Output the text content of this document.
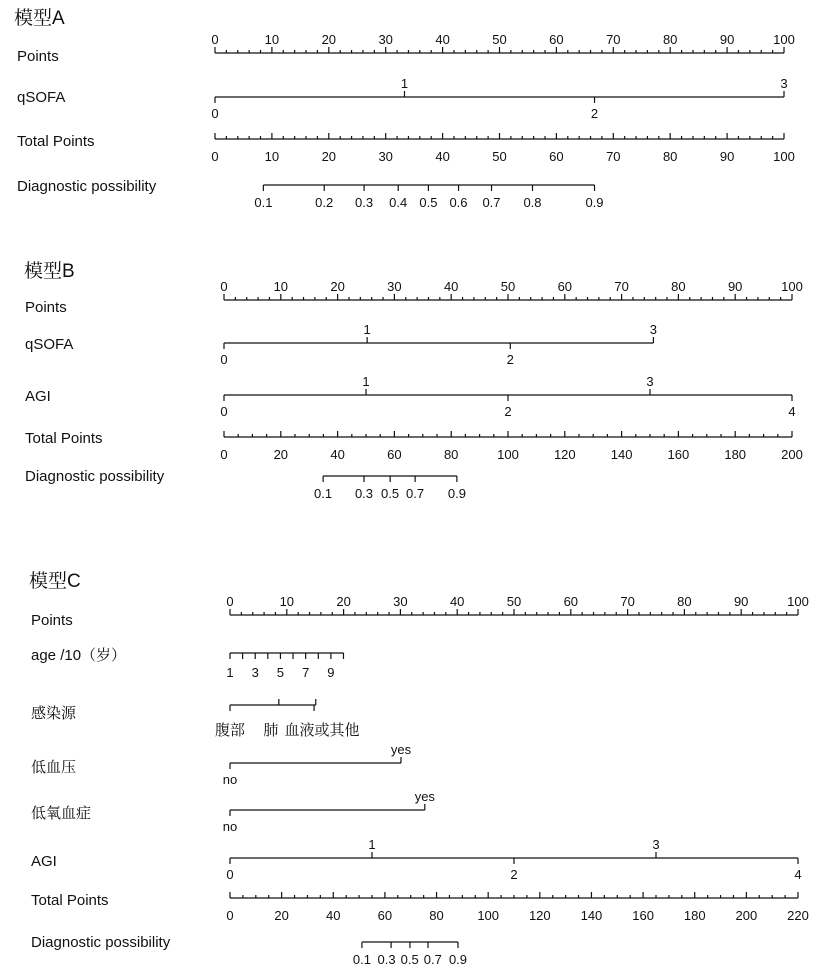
模型A
Points
0	10	20	30	40	50	60	70	80	90	100
qSOFA
0
1
2
3
Total Points
0	10	20	30	40	50	60	70	80	90	100
Diagnostic possibility
0.1	0.2 0.3 0.4 0.5 0.6 0.7 0.8	0.9
模型B
Points
0	10	20	30	40	50	60	70	80	90	100
qSOFA
0
1
2
3
AGI
0
1
2
3
4
Total Points
0	20	40	60	80	100	120	140	160	180	200
Diagnostic possibility
0.1 0.3 0.5 0.7 0.9
模型C
Points
0	10	20	30	40	50	60	70	80	90	100
age /10（岁）
1 3 5 7 9
感染源
腹部 肺 血液或其他
低血压
no
yes
低氧血症
no
yes
AGI
0
1
2
3
4
Total Points
0	20	40	60	80	100 120 140 160 180 200 220
Diagnostic possibility
0.1 0.3 0.5 0.7 0.9
